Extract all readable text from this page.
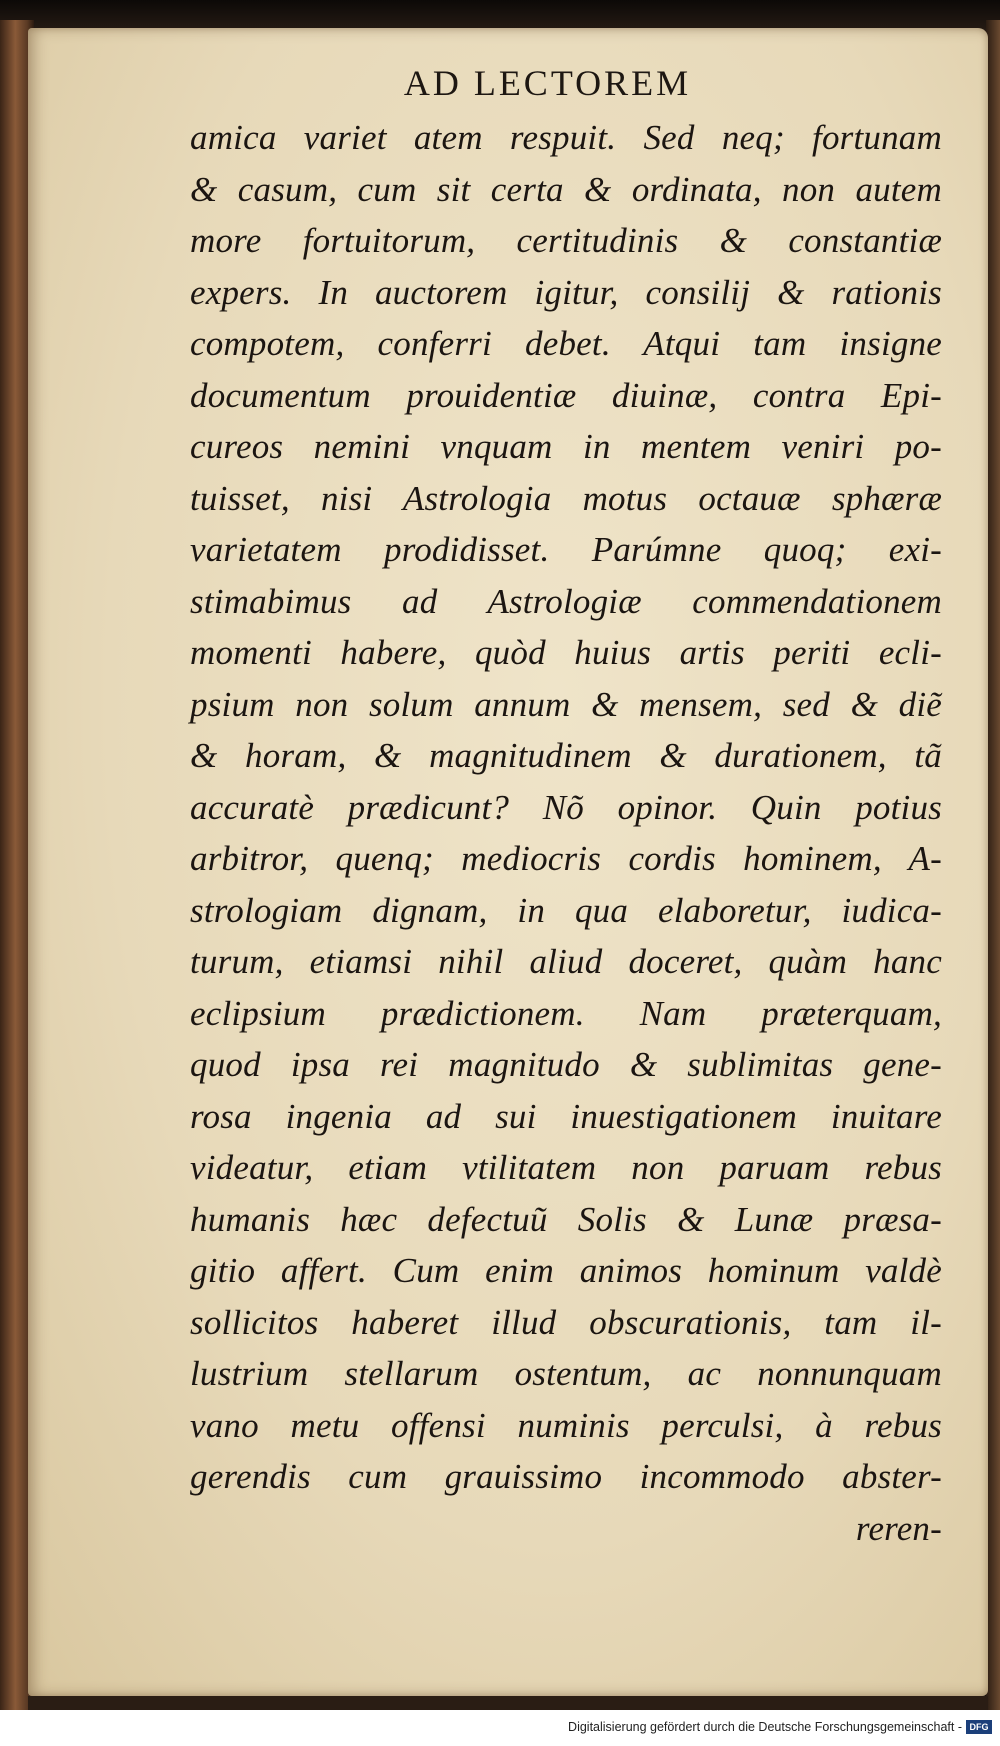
AD LECTOREM
amica variet atem respuit. Sed neq; fortunam
& casum, cum sit certa & ordinata, non autem
more fortuitorum, certitudinis & constantiæ
expers. In auctorem igitur, consilij & rationis
compotem, conferri debet. Atqui tam insigne
documentum prouidentiæ diuinæ, contra Epi-
cureos nemini vnquam in mentem veniri po-
tuisset, nisi Astrologia motus octauæ sphæræ
varietatem prodidisset. Parúmne quoq; exi-
stimabimus ad Astrologiæ commendationem
momenti habere, quòd huius artis periti ecli-
psium non solum annum & mensem, sed & diẽ
& horam, & magnitudinem & durationem, tã
accuratè prædicunt? Nõ opinor. Quin potius
arbitror, quenq; mediocris cordis hominem, A-
strologiam dignam, in qua elaboretur, iudica-
turum, etiamsi nihil aliud doceret, quàm hanc
eclipsium prædictionem. Nam præterquam,
quod ipsa rei magnitudo & sublimitas gene-
rosa ingenia ad sui inuestigationem inuitare
videatur, etiam vtilitatem non paruam rebus
humanis hæc defectuũ Solis & Lunæ præsa-
gitio affert. Cum enim animos hominum valdè
sollicitos haberet illud obscurationis, tam il-
lustrium stellarum ostentum, ac nonnunquam
vano metu offensi numinis perculsi, à rebus
gerendis cum grauissimo incommodo abster-
reren-
Digitalisierung gefördert durch die Deutsche Forschungsgemeinschaft - DFG
